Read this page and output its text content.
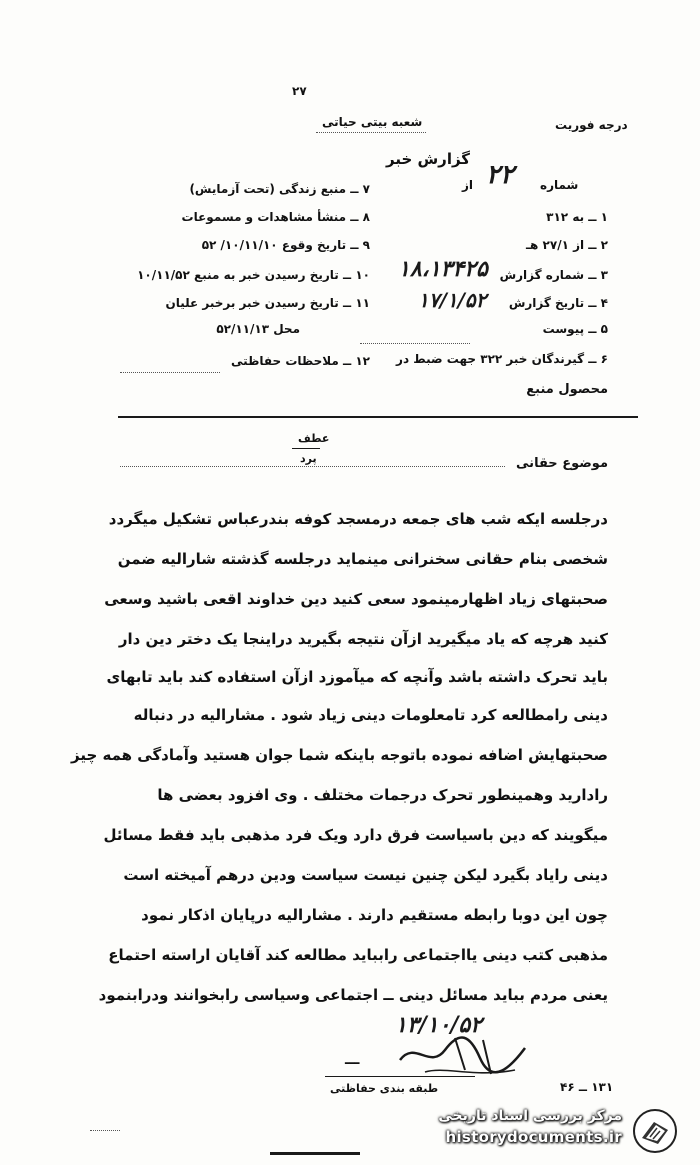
درجه فوریت
شعبه بیتی حیاتی
گزارش خبر
شماره
از ۲۲
۷ ــ منبع زندگی (تحت آزمایش)
۸ ــ منشأ مشاهدات و مسموعات
۹ ــ تاریخ وقوع ۱۰/۱۱/۱۰/ ۵۲
۱۰ ــ تاریخ رسیدن خبر به منبع ۱۰/۱۱/۵۲
۱۱ ــ تاریخ رسیدن خبر برخبر علیان
محل ۵۲/۱۱/۱۳
۱۲ ــ ملاحظات حفاظتی
۱ ــ به ۳۱۲
۲ ــ از ۲۷/۱ هـ
۳ ــ شماره گزارش
۴ ــ تاریخ گزارش
۵ ــ پیوست
۶ ــ گیرندگان خبر ۳۲۲ جهت ضبط در
محصول منبع
۱۸،۱۳۴۲۵
۱۷/۱/۵۲
موضوع حقانی
عطف
پرد
درجلسه ایکه شب های جمعه درمسجد کوفه بندرعباس تشکیل میگردد
شخصی بنام حقانی سخنرانی مینماید درجلسه گذشته شارالیه ضمن
صحبتهای زیاد اظهارمینمود سعی کنید دین خداوند اقعی باشید وسعی
کنید هرچه که یاد میگیرید ازآن نتیجه بگیرید دراینجا یک دختر دین دار
باید تحرک داشته باشد وآنچه که میآموزد ازآن استفاده کند باید تابهای
دینی رامطالعه کرد تامعلومات دینی زیاد شود . مشارالیه در دنباله
صحبتهایش اضافه نموده باتوجه باینکه شما جوان هستید وآمادگی همه چیز
رادارید وهمینطور تحرک درجمات مختلف . وی افزود بعضی ها
میگویند که دین باسیاست فرق دارد ویک فرد مذهبی باید فقط مسائل
دینی رایاد بگیرد لیکن چنین نیست سیاست ودین درهم آمیخته است
چون این دوبا رابطه مستقیم دارند . مشارالیه درپایان اذکار نمود
مذهبی کتب دینی یااجتماعی رابباید مطالعه کند آقایان اراسته احتماع
یعنی مردم بباید مسائل دینی ــ اجتماعی وسیاسی رابخوانند ودرابنمود
۱۳/۱۰/۵۲
ـــ
طبقه بندی حفاظتی	۱۳۱ ــ ۴۶
۲۷
مرکز بررسی اسناد تاریخی
historydocuments.ir
